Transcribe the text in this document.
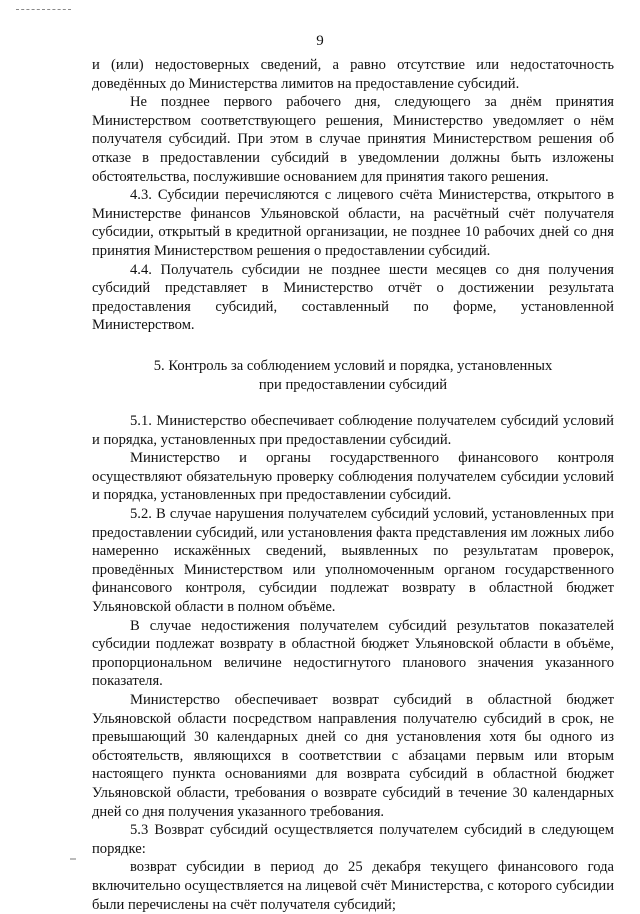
9

и (или) недостоверных сведений, а равно отсутствие или недостаточность доведённых до Министерства лимитов на предоставление субсидий.

Не позднее первого рабочего дня, следующего за днём принятия Министерством соответствующего решения, Министерство уведомляет о нём получателя субсидий. При этом в случае принятия Министерством решения об отказе в предоставлении субсидий в уведомлении должны быть изложены обстоятельства, послужившие основанием для принятия такого решения.

4.3. Субсидии перечисляются с лицевого счёта Министерства, открытого в Министерстве финансов Ульяновской области, на расчётный счёт получателя субсидии, открытый в кредитной организации, не позднее 10 рабочих дней со дня принятия Министерством решения о предоставлении субсидий.

4.4. Получатель субсидии не позднее шести месяцев со дня получения субсидий представляет в Министерство отчёт о достижении результата предоставления субсидий, составленный по форме, установленной Министерством.

5. Контроль за соблюдением условий и порядка, установленных
при предоставлении субсидий

5.1. Министерство обеспечивает соблюдение получателем субсидий условий и порядка, установленных при предоставлении субсидий.

Министерство и органы государственного финансового контроля осуществляют обязательную проверку соблюдения получателем субсидии условий и порядка, установленных при предоставлении субсидий.

5.2. В случае нарушения получателем субсидий условий, установленных при предоставлении субсидий, или установления факта представления им ложных либо намеренно искажённых сведений, выявленных по результатам проверок, проведённых Министерством или уполномоченным органом государственного финансового контроля, субсидии подлежат возврату в областной бюджет Ульяновской области в полном объёме.

В случае недостижения получателем субсидий результатов показателей субсидии подлежат возврату в областной бюджет Ульяновской области в объёме, пропорциональном величине недостигнутого планового значения указанного показателя.

Министерство обеспечивает возврат субсидий в областной бюджет Ульяновской области посредством направления получателю субсидий в срок, не превышающий 30 календарных дней со дня установления хотя бы одного из обстоятельств, являющихся в соответствии с абзацами первым или вторым настоящего пункта основаниями для возврата субсидий в областной бюджет Ульяновской области, требования о возврате субсидий в течение 30 календарных дней со дня получения указанного требования.

5.3 Возврат субсидий осуществляется получателем субсидий в следующем порядке:

возврат субсидии в период до 25 декабря текущего финансового года включительно осуществляется на лицевой счёт Министерства, с которого субсидии были перечислены на счёт получателя субсидий;
